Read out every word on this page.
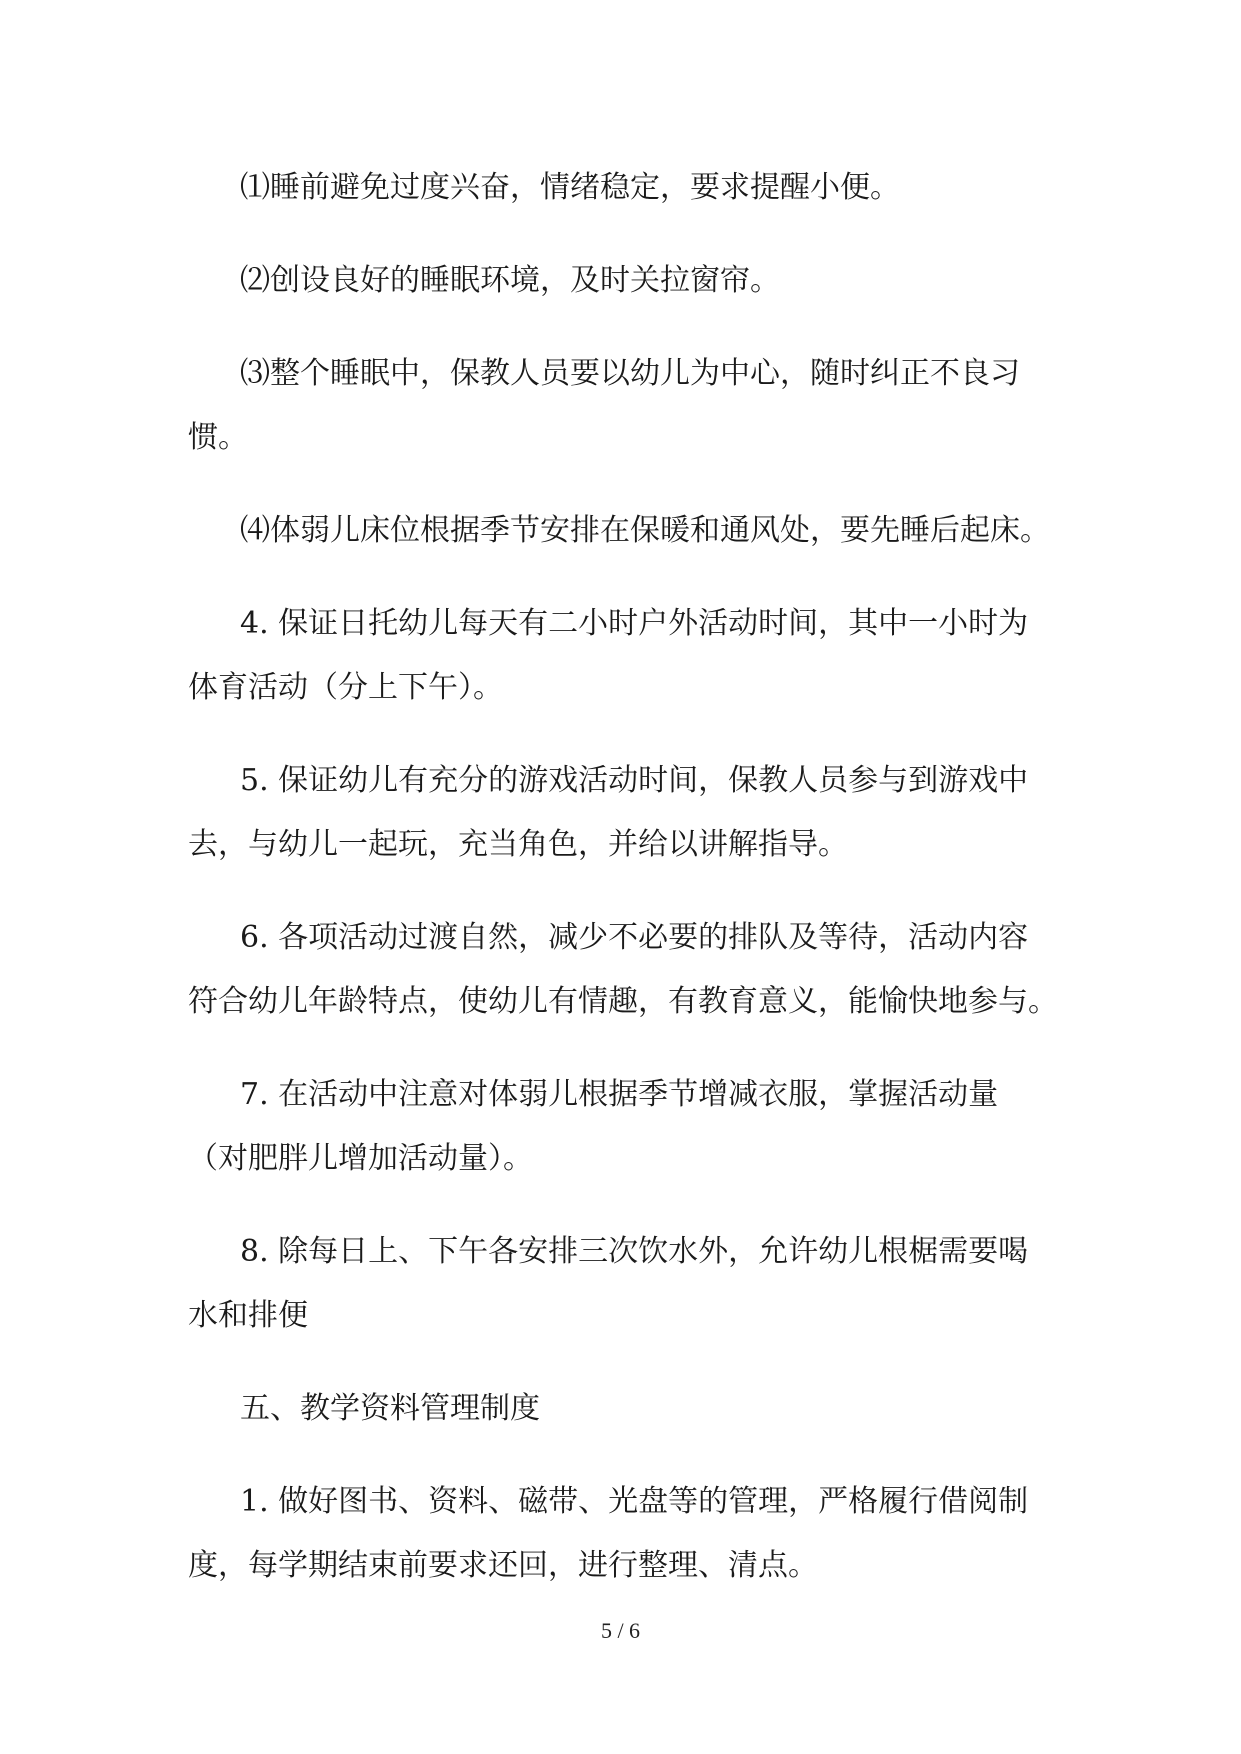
⑴睡前避免过度兴奋，情绪稳定，要求提醒小便。

⑵创设良好的睡眠环境，及时关拉窗帘。

⑶整个睡眠中，保教人员要以幼儿为中心，随时纠正不良习惯。

⑷体弱儿床位根据季节安排在保暖和通风处，要先睡后起床。

4. 保证日托幼儿每天有二小时户外活动时间，其中一小时为体育活动（分上下午）。

5. 保证幼儿有充分的游戏活动时间，保教人员参与到游戏中去，与幼儿一起玩，充当角色，并给以讲解指导。

6. 各项活动过渡自然，减少不必要的排队及等待，活动内容符合幼儿年龄特点，使幼儿有情趣，有教育意义，能愉快地参与。

7. 在活动中注意对体弱儿根据季节增减衣服，掌握活动量（对肥胖儿增加活动量）。

8. 除每日上、下午各安排三次饮水外，允许幼儿根椐需要喝水和排便

五、教学资料管理制度

1. 做好图书、资料、磁带、光盘等的管理，严格履行借阅制度，每学期结束前要求还回，进行整理、清点。

5 / 6
